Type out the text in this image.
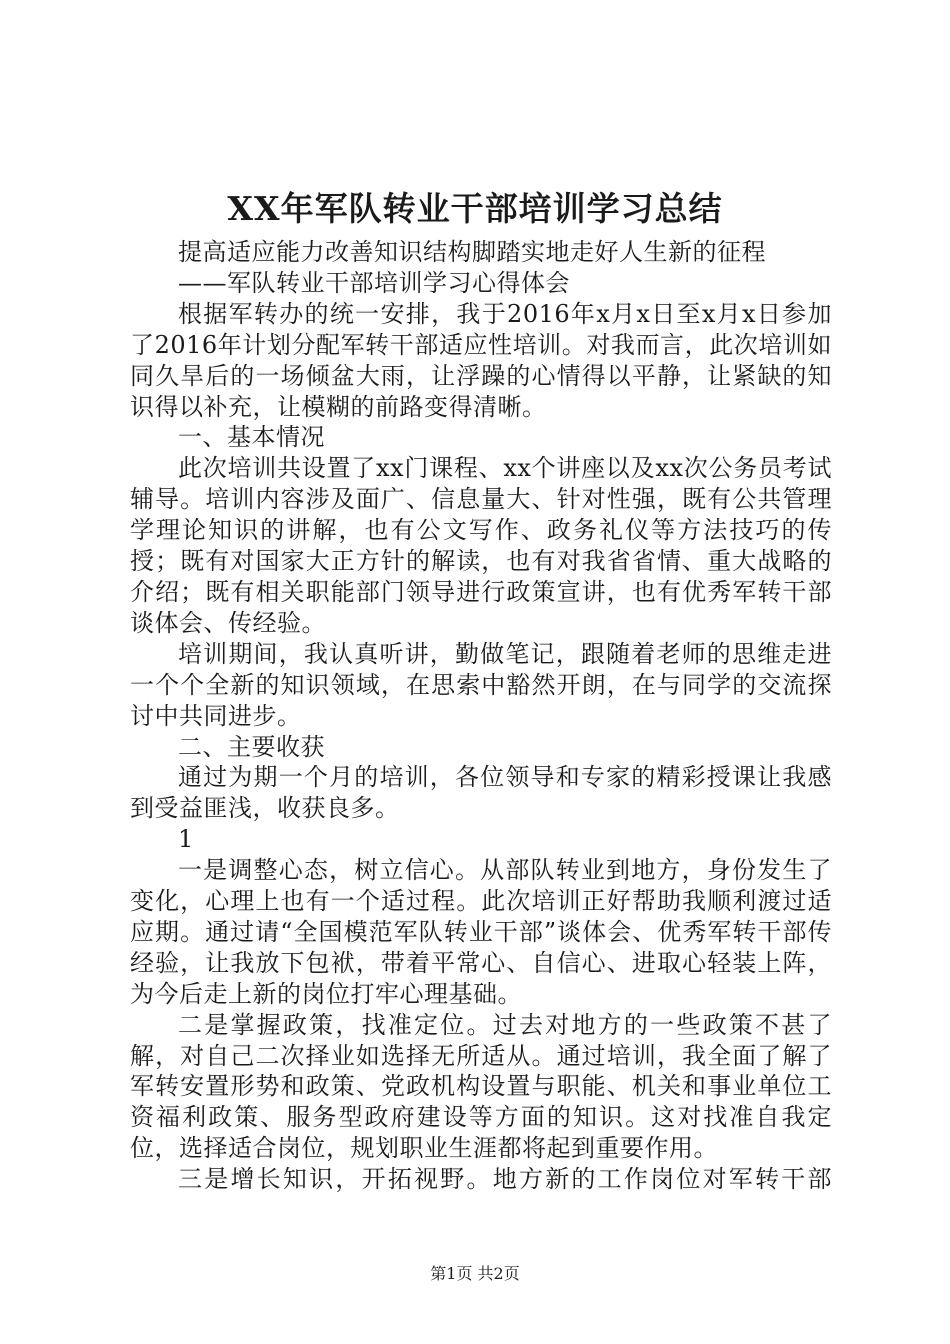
XX年军队转业干部培训学习总结

提高适应能力改善知识结构脚踏实地走好人生新的征程

——军队转业干部培训学习心得体会

根据军转办的统一安排，我于2016年x月x日至x月x日参加了2016年计划分配军转干部适应性培训。对我而言，此次培训如同久旱后的一场倾盆大雨，让浮躁的心情得以平静，让紧缺的知识得以补充，让模糊的前路变得清晰。

一、基本情况

此次培训共设置了xx门课程、xx个讲座以及xx次公务员考试辅导。培训内容涉及面广、信息量大、针对性强，既有公共管理学理论知识的讲解，也有公文写作、政务礼仪等方法技巧的传授；既有对国家大正方针的解读，也有对我省省情、重大战略的介绍；既有相关职能部门领导进行政策宣讲，也有优秀军转干部谈体会、传经验。

培训期间，我认真听讲，勤做笔记，跟随着老师的思维走进一个个全新的知识领域，在思索中豁然开朗，在与同学的交流探讨中共同进步。

二、主要收获

通过为期一个月的培训，各位领导和专家的精彩授课让我感到受益匪浅，收获良多。

1

一是调整心态，树立信心。从部队转业到地方，身份发生了变化，心理上也有一个适过程。此次培训正好帮助我顺利渡过适应期。通过请“全国模范军队转业干部”谈体会、优秀军转干部传经验，让我放下包袱，带着平常心、自信心、进取心轻装上阵，为今后走上新的岗位打牢心理基础。

二是掌握政策，找准定位。过去对地方的一些政策不甚了解，对自己二次择业如选择无所适从。通过培训，我全面了解了军转安置形势和政策、党政机构设置与职能、机关和事业单位工资福利政策、服务型政府建设等方面的知识。这对找准自我定位，选择适合岗位，规划职业生涯都将起到重要作用。

三是增长知识，开拓视野。地方新的工作岗位对军转干部

第1页 共2页
